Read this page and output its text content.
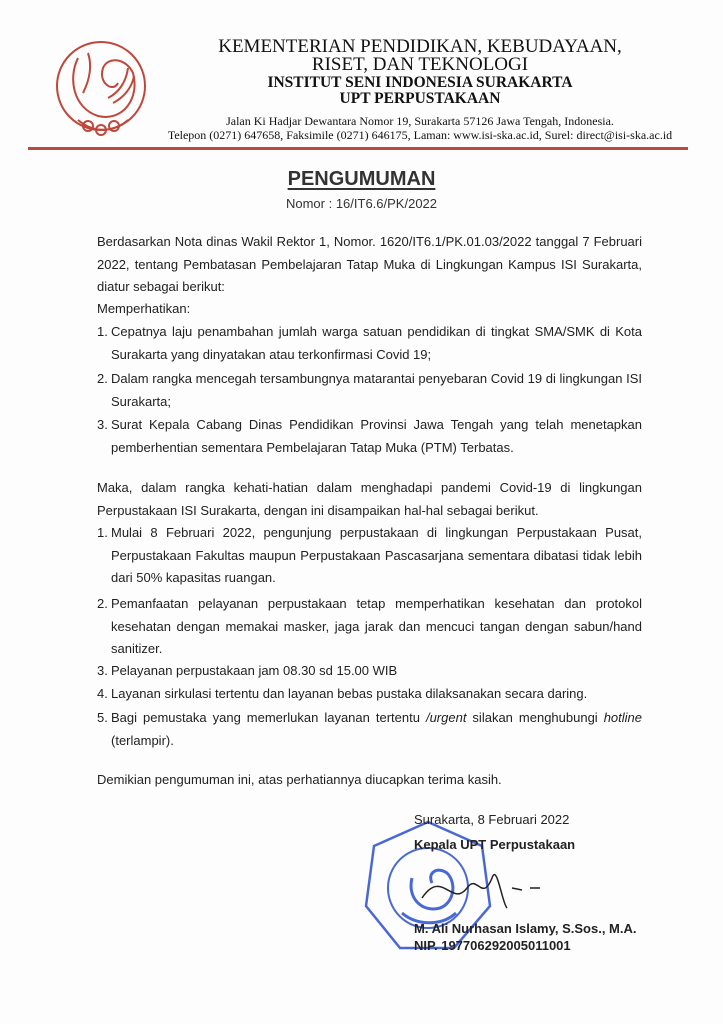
KEMENTERIAN PENDIDIKAN, KEBUDAYAAN,
RISET, DAN TEKNOLOGI
INSTITUT SENI INDONESIA SURAKARTA
UPT PERPUSTAKAAN
Jalan Ki Hadjar Dewantara Nomor 19, Surakarta 57126 Jawa Tengah, Indonesia.
Telepon (0271) 647658, Faksimile (0271) 646175, Laman: www.isi-ska.ac.id, Surel: direct@isi-ska.ac.id
PENGUMUMAN
Nomor : 16/IT6.6/PK/2022
Berdasarkan Nota dinas Wakil Rektor 1, Nomor. 1620/IT6.1/PK.01.03/2022 tanggal 7 Februari 2022, tentang Pembatasan Pembelajaran Tatap Muka di Lingkungan Kampus ISI Surakarta, diatur sebagai berikut:
Memperhatikan:
1. Cepatnya laju penambahan jumlah warga satuan pendidikan di tingkat SMA/SMK di Kota Surakarta yang dinyatakan atau terkonfirmasi Covid 19;
2. Dalam rangka mencegah tersambungnya matarantai penyebaran Covid 19 di lingkungan ISI Surakarta;
3. Surat Kepala Cabang Dinas Pendidikan Provinsi Jawa Tengah yang telah menetapkan pemberhentian sementara Pembelajaran Tatap Muka (PTM) Terbatas.
Maka, dalam rangka kehati-hatian dalam menghadapi pandemi Covid-19 di lingkungan Perpustakaan ISI Surakarta, dengan ini disampaikan hal-hal sebagai berikut.
1. Mulai 8 Februari 2022, pengunjung perpustakaan di lingkungan Perpustakaan Pusat, Perpustakaan Fakultas maupun Perpustakaan Pascasarjana sementara dibatasi tidak lebih dari 50% kapasitas ruangan.
2. Pemanfaatan pelayanan perpustakaan tetap memperhatikan kesehatan dan protokol kesehatan dengan memakai masker, jaga jarak dan mencuci tangan dengan sabun/hand sanitizer.
3. Pelayanan perpustakaan jam 08.30 sd 15.00 WIB
4. Layanan sirkulasi tertentu dan layanan bebas pustaka dilaksanakan secara daring.
5. Bagi pemustaka yang memerlukan layanan tertentu /urgent silakan menghubungi hotline (terlampir).
Demikian pengumuman ini, atas perhatiannya diucapkan terima kasih.
Surakarta, 8 Februari 2022
Kepala UPT Perpustakaan
M. Ali Nurhasan Islamy, S.Sos., M.A.
NIP. 197706292005011001
